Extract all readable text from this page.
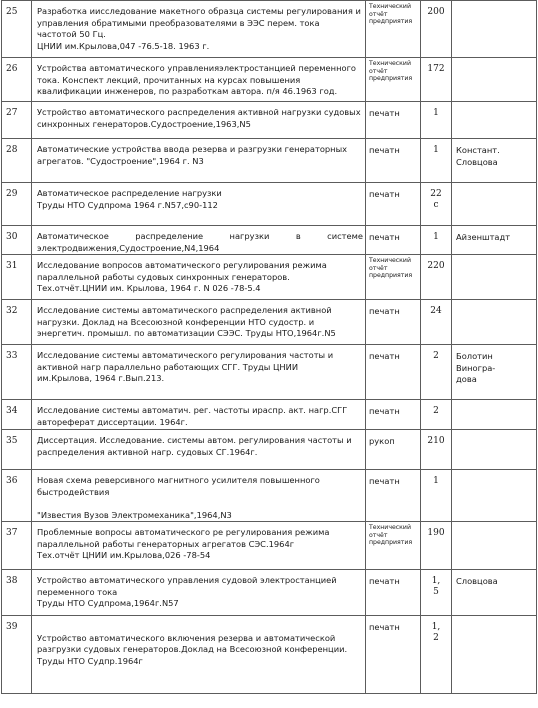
25	Разработка иисследование макетного образца системы регулирования и
управления обратимыми преобразователями в ЭЭС перем. тока
частотой 50 Гц.
ЦНИИ им.Крылова,047 -76.5-18. 1963 г.	Технический
отчёт
предприятия	200	

26	Устройства автоматического управленияэлектростанцией переменного
тока. Конспект лекций, прочитанных на курсах повышения
квалификации инженеров, по разработкам автора. п/я 46.1963 год.	Технический
отчёт
предприятия	172	

27	Устройство автоматического распределения активной нагрузки судовых
синхронных генераторов.Судостроение,1963,N5	печатн	1	

28	Автоматические устройства ввода резерва и разгрузки генераторных
агрегатов. "Судостроение",1964 г. N3	печатн	1	Констант.
Словцова

29	Автоматическое распределение нагрузки
Труды НТО Судпрома 1964 г.N57,с90-112	печатн	22
с	

30	Автоматическое распределение нагрузки в системе
электродвижения,Судостроение,N4,1964	печатн	1	Айзенштадт

31	Исследование вопросов автоматического регулирования режима
параллельной работы судовых синхронных генераторов.
Тех.отчёт.ЦНИИ им. Крылова, 1964 г. N 026 -78-5.4	Технический
отчёт
предприятия	220	

32	Исследование системы автоматического распределения активной
нагрузки. Доклад на Всесоюзной конференции НТО судостр. и
энергетич. промышл. по автоматизации СЭЭС. Труды НТО,1964г.N5	печатн	24	

33	Исследование системы автоматического регулирования частоты и
активной нагр параллельно работающих СГГ. Труды ЦНИИ
им.Крылова, 1964 г.Вып.213.	печатн	2	Болотин
Виногра-
дова

34	Исследование системы автоматич. рег. частоты ираспр. акт. нагр.СГГ
автореферат диссертации. 1964г.	печатн	2	

35	Диссертация. Исследование. системы автом. регулирования частоты и
распределения активной нагр. судовых СГ.1964г.	рукоп	210	

36	Новая схема реверсивного магнитного усилителя повышенного
быстродействия

"Известия Вузов Электромеханика",1964,N3	печатн	1	

37	Проблемные вопросы автоматического ре регулирования режима
параллельной работы генераторных агрегатов СЭС.1964г
Тех.отчёт ЦНИИ им.Крылова,026 -78-54	Технический
отчёт
предприятия	190	

38	Устройство автоматического управления судовой электростанцией
переменного тока
Труды НТО Судпрома,1964г.N57	печатн	1,
5	Словцова

39	
Устройство автоматического включения резерва и автоматической
разгрузки судовых генераторов.Доклад на Всесоюзной конференции.
Труды НТО Судпр.1964г	печатн	1,
2	
